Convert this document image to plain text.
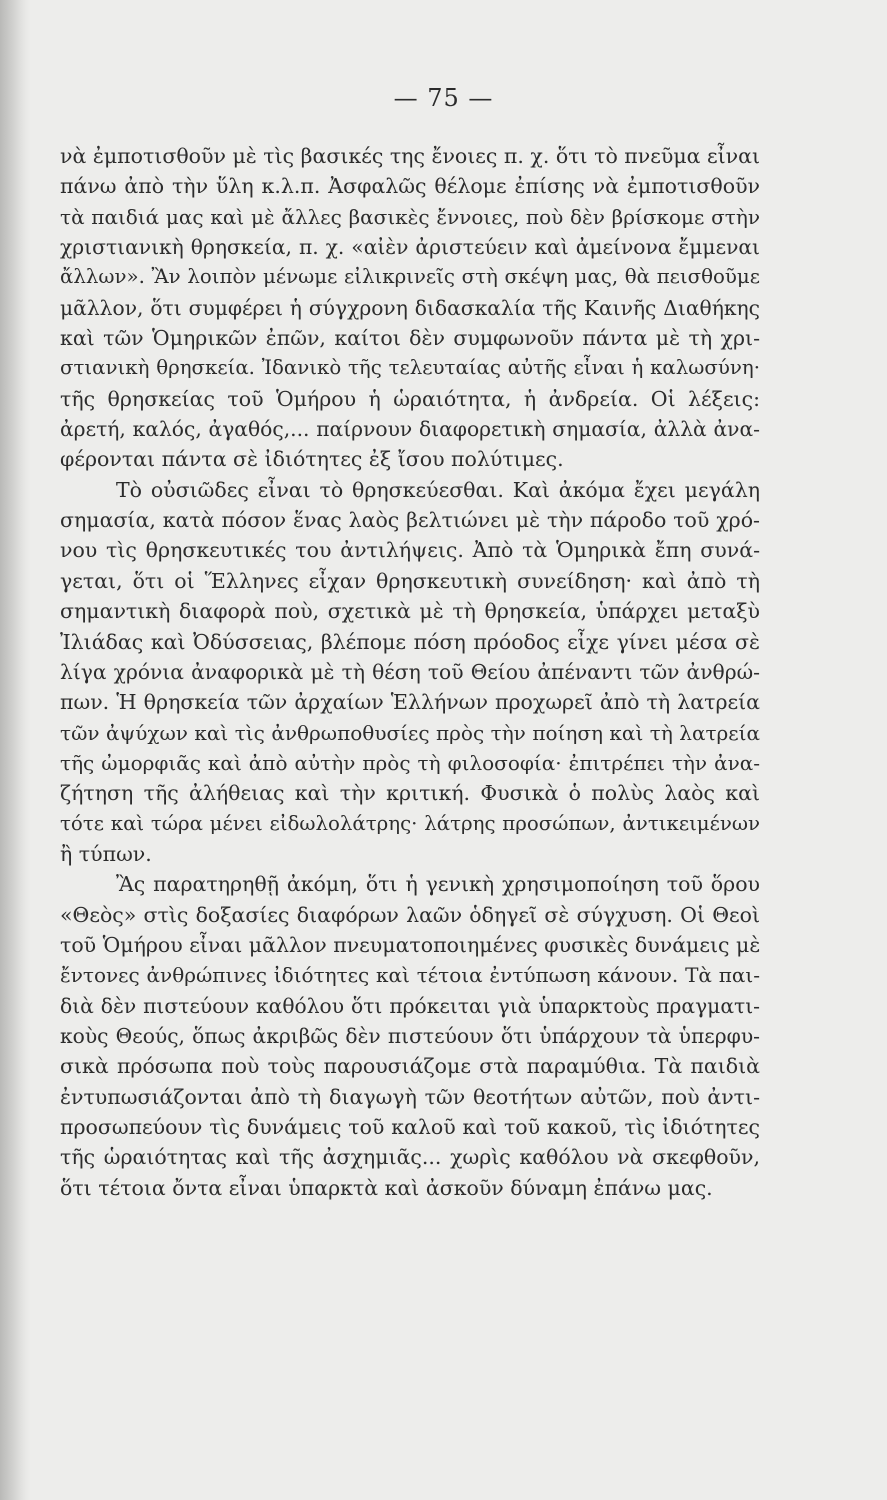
— 75 —
νὰ ἐμποτισθοῦν μὲ τὶς βασικές της ἔνοιες π. χ. ὅτι τὸ πνεῦμα εἶναι
πάνω ἀπὸ τὴν ὕλη κ.λ.π. Ἀσφαλῶς θέλομε ἐπίσης νὰ ἐμποτισθοῦν
τὰ παιδιά μας καὶ μὲ ἄλλες βασικὲς ἔννοιες, ποὺ δὲν βρίσκομε στὴν
χριστιανικὴ θρησκεία, π. χ. «αἰὲν ἀριστεύειν καὶ ἀμείνονα ἔμμεναι
ἄλλων». Ἂν λοιπὸν μένωμε εἰλικρινεῖς στὴ σκέψη μας, θὰ πεισθοῦμε
μᾶλλον, ὅτι συμφέρει ἡ σύγχρονη διδασκαλία τῆς Καινῆς Διαθήκης
καὶ τῶν Ὁμηρικῶν ἐπῶν, καίτοι δὲν συμφωνοῦν πάντα μὲ τὴ χρι-
στιανικὴ θρησκεία. Ἰδανικὸ τῆς τελευταίας αὐτῆς εἶναι ἡ καλωσύνη·
τῆς θρησκείας τοῦ Ὁμήρου ἡ ὡραιότητα, ἡ ἀνδρεία. Οἱ λέξεις:
ἀρετή, καλός, ἀγαθός,... παίρνουν διαφορετικὴ σημασία, ἀλλὰ ἀνα-
φέρονται πάντα σὲ ἰδιότητες ἐξ ἴσου πολύτιμες.
Τὸ οὐσιῶδες εἶναι τὸ θρησκεύεσθαι. Καὶ ἀκόμα ἔχει μεγάλη
σημασία, κατὰ πόσον ἕνας λαὸς βελτιώνει μὲ τὴν πάροδο τοῦ χρό-
νου τὶς θρησκευτικές του ἀντιλήψεις. Ἀπὸ τὰ Ὁμηρικὰ ἔπη συνά-
γεται, ὅτι οἱ Ἕλληνες εἶχαν θρησκευτικὴ συνείδηση· καὶ ἀπὸ τὴ
σημαντικὴ διαφορὰ ποὺ, σχετικὰ μὲ τὴ θρησκεία, ὑπάρχει μεταξὺ
Ἰλιάδας καὶ Ὀδύσσειας, βλέπομε πόση πρόοδος εἶχε γίνει μέσα σὲ
λίγα χρόνια ἀναφορικὰ μὲ τὴ θέση τοῦ Θείου ἀπέναντι τῶν ἀνθρώ-
πων. Ἡ θρησκεία τῶν ἀρχαίων Ἑλλήνων προχωρεῖ ἀπὸ τὴ λατρεία
τῶν ἀψύχων καὶ τὶς ἀνθρωποθυσίες πρὸς τὴν ποίηση καὶ τὴ λατρεία
τῆς ὠμορφιᾶς καὶ ἀπὸ αὐτὴν πρὸς τὴ φιλοσοφία· ἐπιτρέπει τὴν ἀνα-
ζήτηση τῆς ἀλήθειας καὶ τὴν κριτική. Φυσικὰ ὁ πολὺς λαὸς καὶ
τότε καὶ τώρα μένει εἰδωλολάτρης· λάτρης προσώπων, ἀντικειμένων
ἢ τύπων.
Ἂς παρατηρηθῇ ἀκόμη, ὅτι ἡ γενικὴ χρησιμοποίηση τοῦ ὅρου
«Θεὸς» στὶς δοξασίες διαφόρων λαῶν ὁδηγεῖ σὲ σύγχυση. Οἱ Θεοὶ
τοῦ Ὁμήρου εἶναι μᾶλλον πνευματοποιημένες φυσικὲς δυνάμεις μὲ
ἔντονες ἀνθρώπινες ἰδιότητες καὶ τέτοια ἐντύπωση κάνουν. Τὰ παι-
διὰ δὲν πιστεύουν καθόλου ὅτι πρόκειται γιὰ ὑπαρκτοὺς πραγματι-
κοὺς Θεούς, ὅπως ἀκριβῶς δὲν πιστεύουν ὅτι ὑπάρχουν τὰ ὑπερφυ-
σικὰ πρόσωπα ποὺ τοὺς παρουσιάζομε στὰ παραμύθια. Τὰ παιδιὰ
ἐντυπωσιάζονται ἀπὸ τὴ διαγωγὴ τῶν θεοτήτων αὐτῶν, ποὺ ἀντι-
προσωπεύουν τὶς δυνάμεις τοῦ καλοῦ καὶ τοῦ κακοῦ, τὶς ἰδιότητες
τῆς ὡραιότητας καὶ τῆς ἀσχημιᾶς... χωρὶς καθόλου νὰ σκεφθοῦν,
ὅτι τέτοια ὄντα εἶναι ὑπαρκτὰ καὶ ἀσκοῦν δύναμη ἐπάνω μας.
